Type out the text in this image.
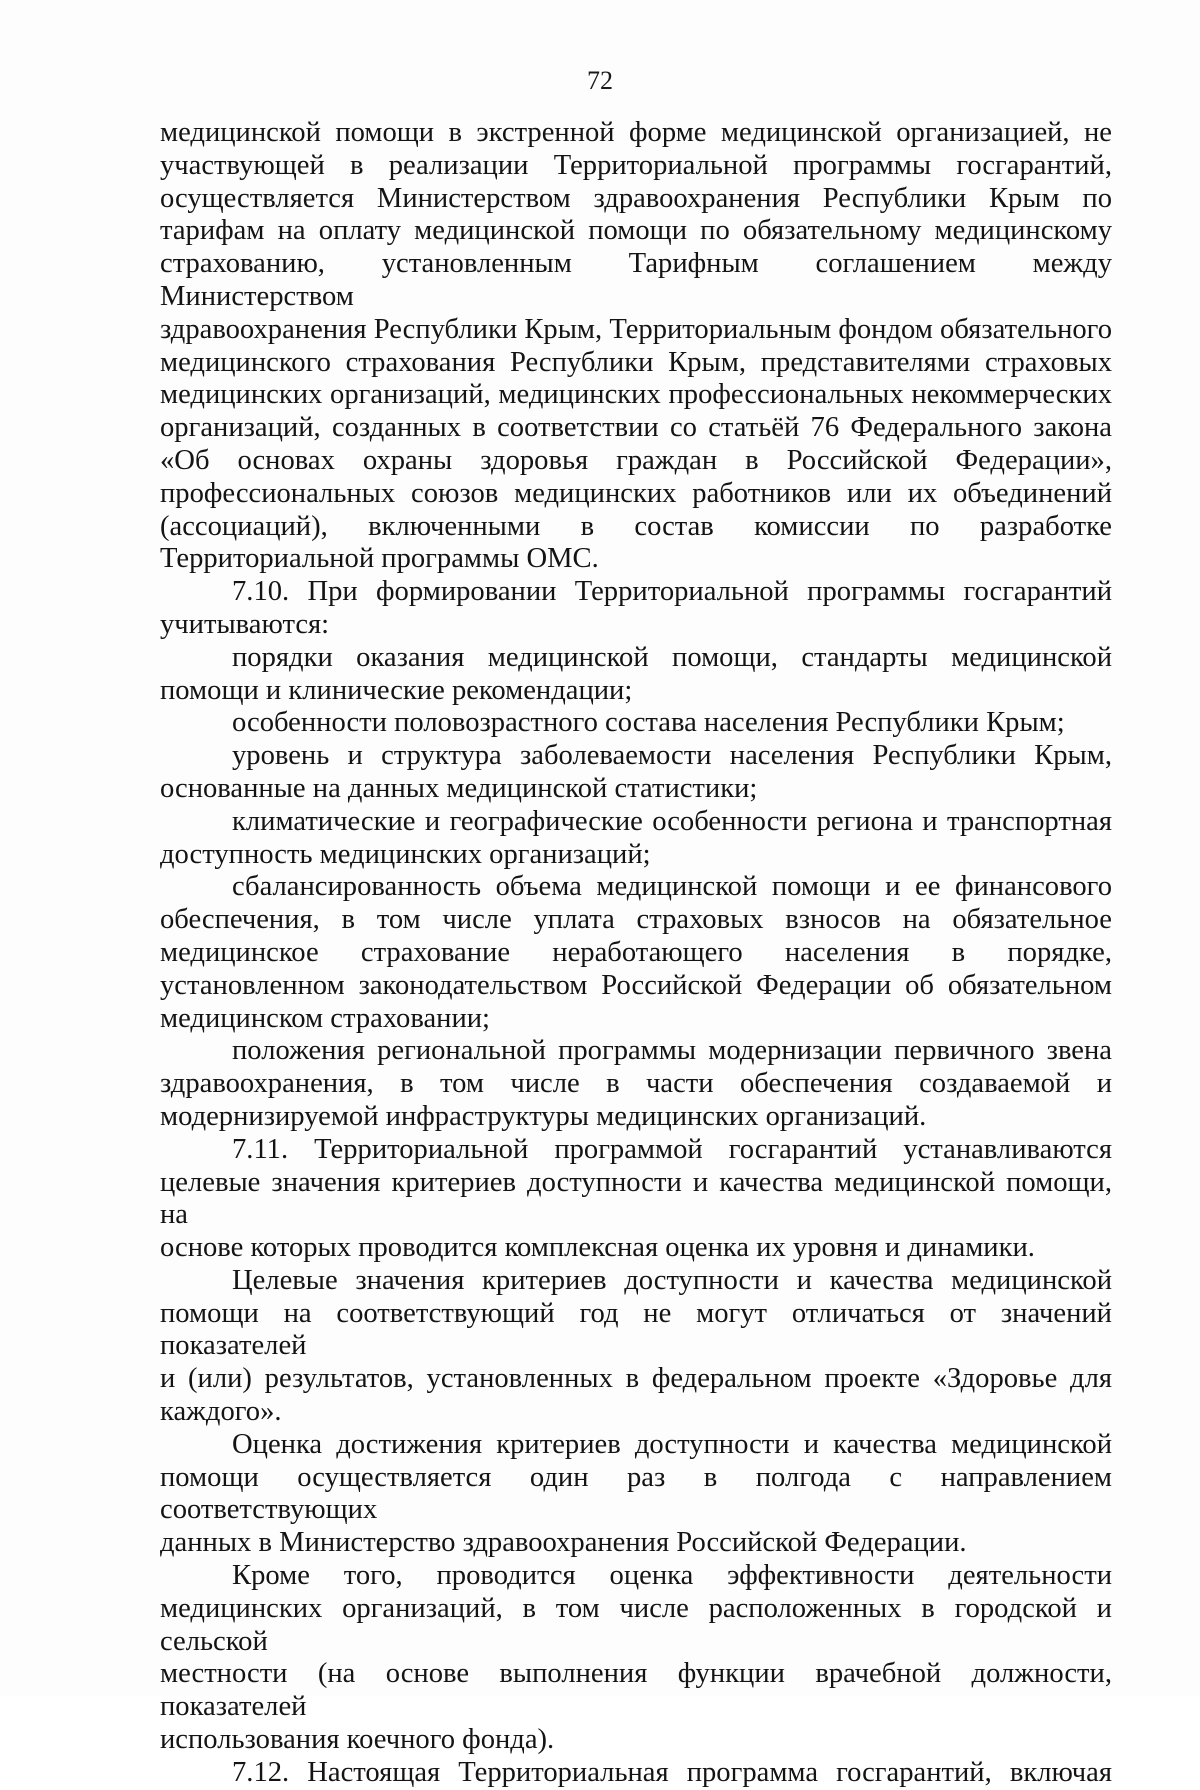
72

медицинской помощи в экстренной форме медицинской организацией, не

участвующей в реализации Территориальной программы госгарантий,

осуществляется Министерством здравоохранения Республики Крым по

тарифам на оплату медицинской помощи по обязательному медицинскому

страхованию, установленным Тарифным соглашением между Министерством

здравоохранения Республики Крым, Территориальным фондом обязательного

медицинского страхования Республики Крым, представителями страховых

медицинских организаций, медицинских профессиональных некоммерческих

организаций, созданных в соответствии со статьёй 76 Федерального закона

«Об основах охраны здоровья граждан в Российской Федерации»,

профессиональных союзов медицинских работников или их объединений

(ассоциаций), включенными в состав комиссии по разработке

Территориальной программы ОМС.

7.10. При формировании Территориальной программы госгарантий

учитываются:

порядки оказания медицинской помощи, стандарты медицинской

помощи и клинические рекомендации;

особенности половозрастного состава населения Республики Крым;

уровень и структура заболеваемости населения Республики Крым,

основанные на данных медицинской статистики;

климатические и географические особенности региона и транспортная

доступность медицинских организаций;

сбалансированность объема медицинской помощи и ее финансового

обеспечения, в том числе уплата страховых взносов на обязательное

медицинское страхование неработающего населения в порядке,

установленном законодательством Российской Федерации об обязательном

медицинском страховании;

положения региональной программы модернизации первичного звена

здравоохранения, в том числе в части обеспечения создаваемой и

модернизируемой инфраструктуры медицинских организаций.

7.11. Территориальной программой госгарантий устанавливаются

целевые значения критериев доступности и качества медицинской помощи, на

основе которых проводится комплексная оценка их уровня и динамики.

Целевые значения критериев доступности и качества медицинской

помощи на соответствующий год не могут отличаться от значений показателей

и (или) результатов, установленных в федеральном проекте «Здоровье для

каждого».

Оценка достижения критериев доступности и качества медицинской

помощи осуществляется один раз в полгода с направлением соответствующих

данных в Министерство здравоохранения Российской Федерации.

Кроме того, проводится оценка эффективности деятельности

медицинских организаций, в том числе расположенных в городской и сельской

местности (на основе выполнения функции врачебной должности, показателей

использования коечного фонда).

7.12. Настоящая Территориальная программа госгарантий, включая
